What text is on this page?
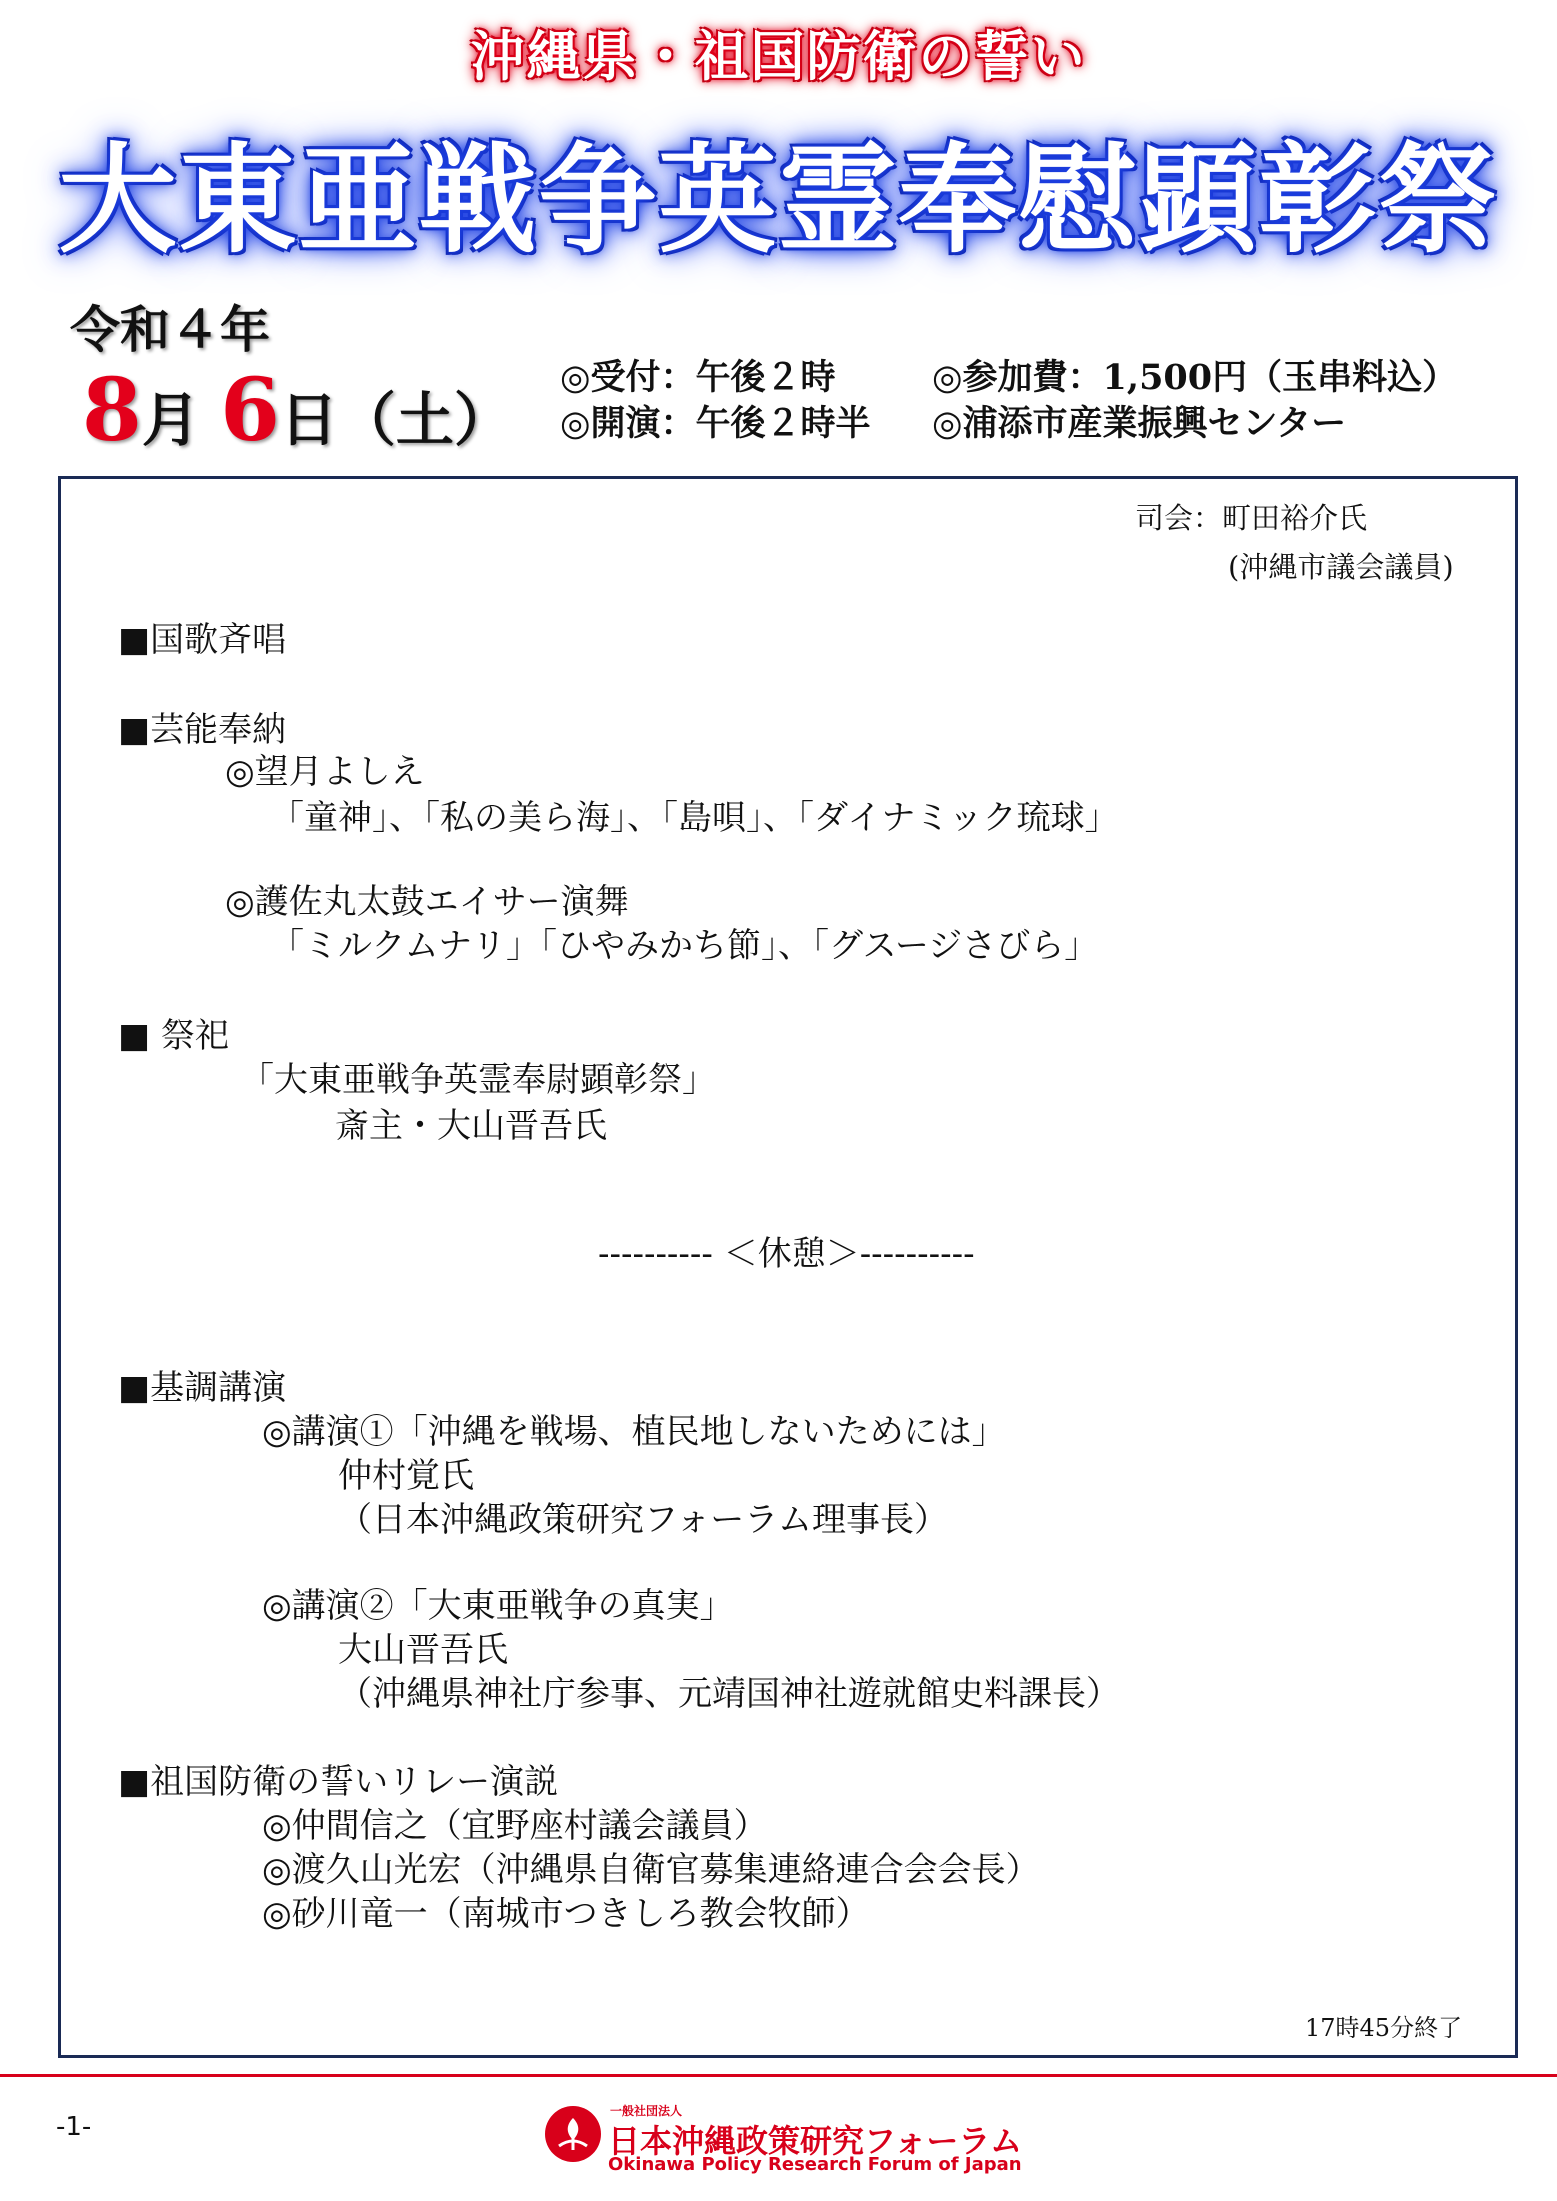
沖縄県・祖国防衛の誓い
大東亜戦争英霊奉慰顕彰祭
令和４年
8月 6日（土）
◎受付：午後２時
◎開演：午後２時半
◎参加費：1,500円（玉串料込）
◎浦添市産業振興センター
司会：町田裕介氏
(沖縄市議会議員)
■国歌斉唱
■芸能奉納
◎望月よしえ
「童神」、「私の美ら海」、「島唄」、「ダイナミック琉球」
◎護佐丸太鼓エイサー演舞
「ミルクムナリ」「ひやみかち節」、「グスージさびら」
■ 祭祀
「大東亜戦争英霊奉尉顕彰祭」
斎主・大山晋吾氏
---------- ＜休憩＞----------
■基調講演
◎講演①「沖縄を戦場、植民地しないためには」
仲村覚氏
（日本沖縄政策研究フォーラム理事長）
◎講演②「大東亜戦争の真実」
大山晋吾氏
（沖縄県神社庁参事、元靖国神社遊就館史料課長）
■祖国防衛の誓いリレー演説
◎仲間信之（宜野座村議会議員）
◎渡久山光宏（沖縄県自衛官募集連絡連合会会長）
◎砂川竜一（南城市つきしろ教会牧師）
17時45分終了
-1-
一般社団法人
日本沖縄政策研究フォーラム
Okinawa Policy Research Forum of Japan
